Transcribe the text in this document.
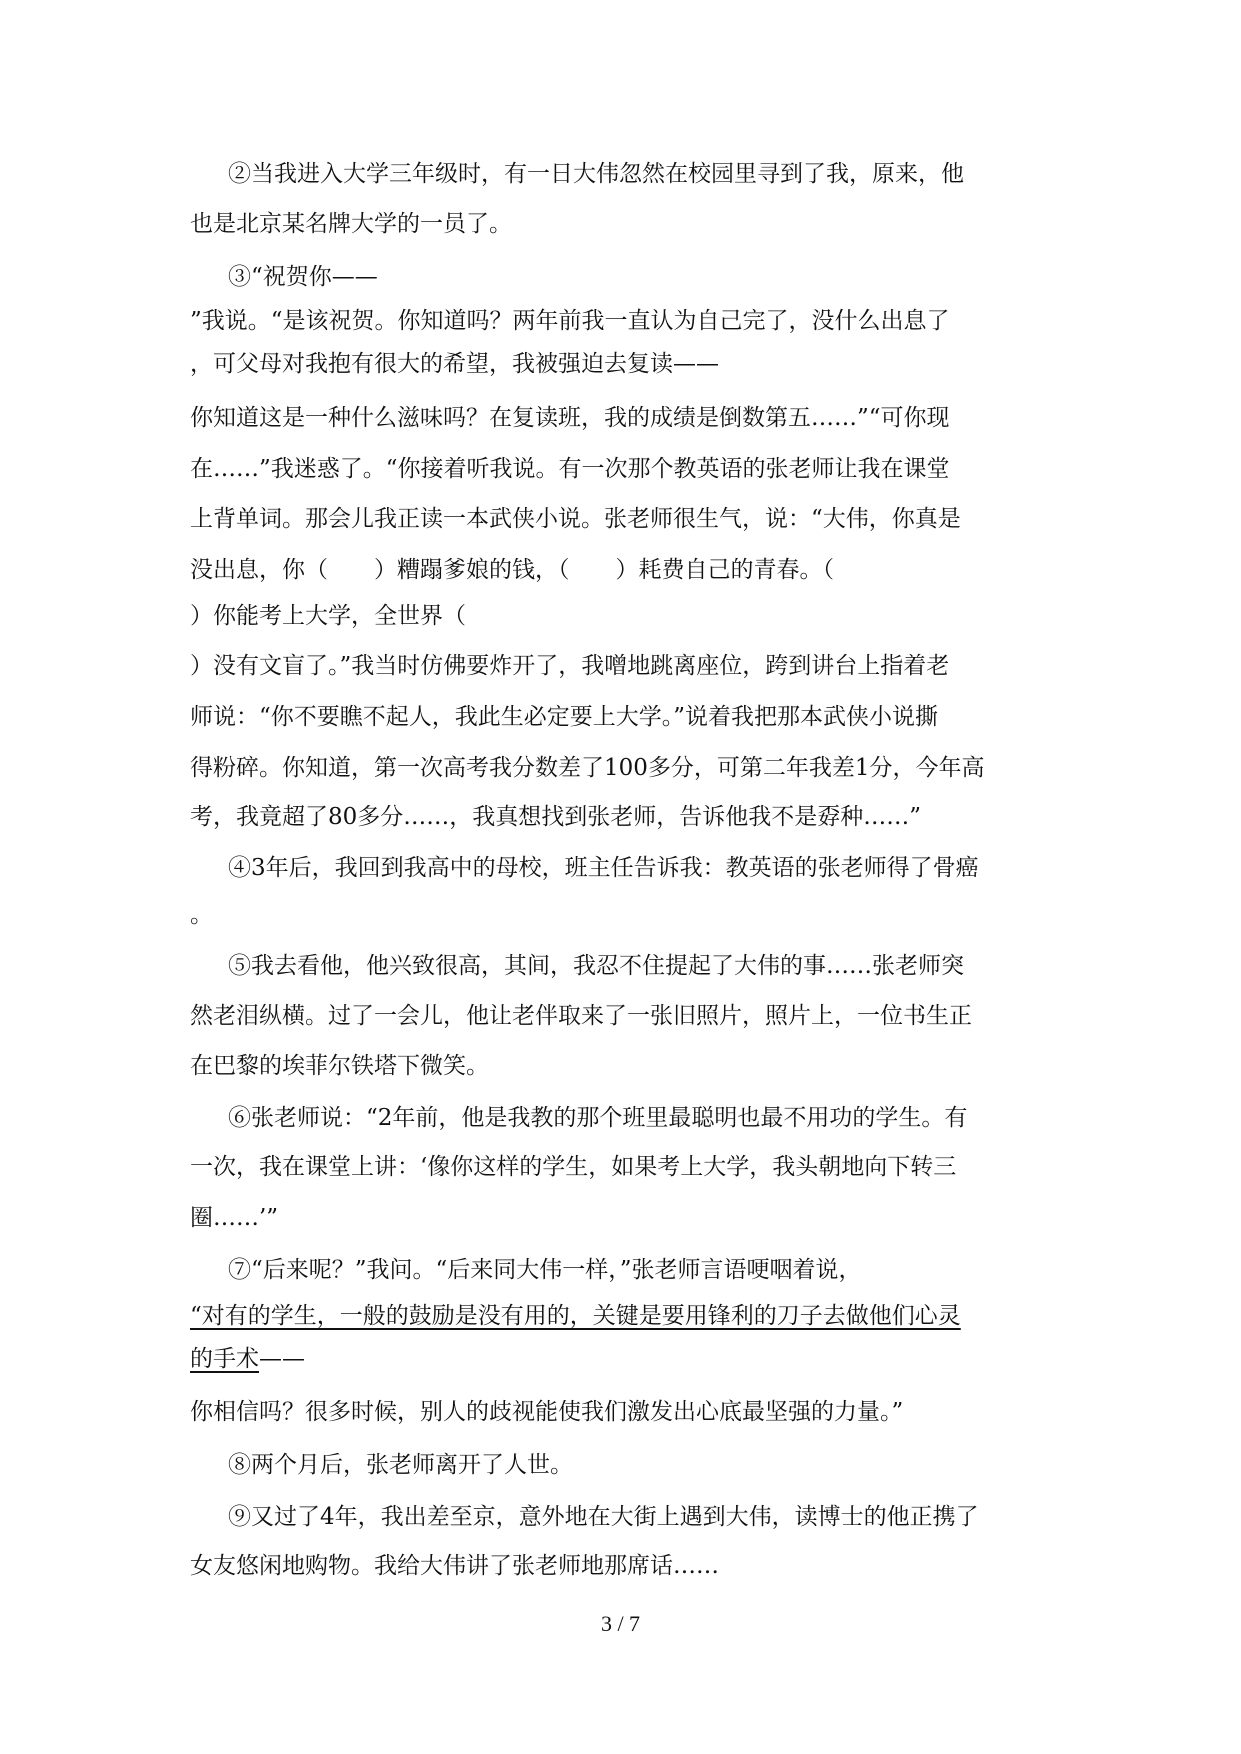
②当我进入大学三年级时，有一日大伟忽然在校园里寻到了我，原来，他
也是北京某名牌大学的一员了。
③“祝贺你——
”我说。“是该祝贺。你知道吗？两年前我一直认为自己完了，没什么出息了
，可父母对我抱有很大的希望，我被强迫去复读——
你知道这是一种什么滋味吗？在复读班，我的成绩是倒数第五……”“可你现
在……”我迷惑了。“你接着听我说。有一次那个教英语的张老师让我在课堂
上背单词。那会儿我正读一本武侠小说。张老师很生气，说：“大伟，你真是
没出息，你（　　）糟蹋爹娘的钱，（　　）耗费自己的青春。（
）你能考上大学，全世界（
）没有文盲了。”我当时仿佛要炸开了，我噌地跳离座位，跨到讲台上指着老
师说：“你不要瞧不起人，我此生必定要上大学。”说着我把那本武侠小说撕
得粉碎。你知道，第一次高考我分数差了100多分，可第二年我差1分，今年高
考，我竟超了80多分……，我真想找到张老师，告诉他我不是孬种……”
④3年后，我回到我高中的母校，班主任告诉我：教英语的张老师得了骨癌
。
⑤我去看他，他兴致很高，其间，我忍不住提起了大伟的事……张老师突
然老泪纵横。过了一会儿，他让老伴取来了一张旧照片，照片上，一位书生正
在巴黎的埃菲尔铁塔下微笑。
⑥张老师说：“2年前，他是我教的那个班里最聪明也最不用功的学生。有
一次，我在课堂上讲：‘像你这样的学生，如果考上大学，我头朝地向下转三
圈……’”
⑦“后来呢？”我问。“后来同大伟一样，”张老师言语哽咽着说，
“对有的学生，一般的鼓励是没有用的，关键是要用锋利的刀子去做他们心灵
的手术——
你相信吗？很多时候，别人的歧视能使我们激发出心底最坚强的力量。”
⑧两个月后，张老师离开了人世。
⑨又过了4年，我出差至京，意外地在大街上遇到大伟，读博士的他正携了
女友悠闲地购物。我给大伟讲了张老师地那席话……
3 / 7
